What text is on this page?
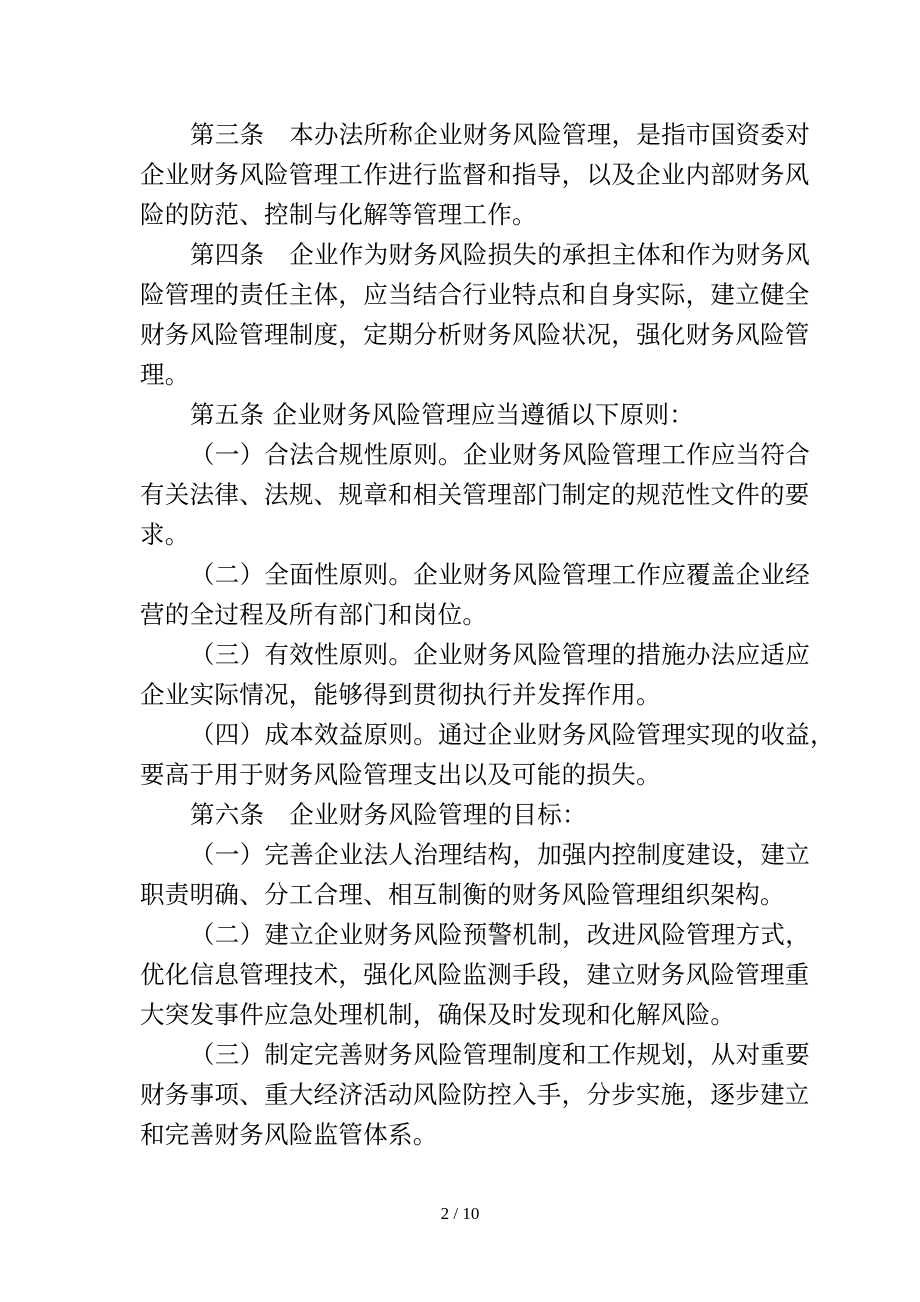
第三条　本办法所称企业财务风险管理，是指市国资委对
企业财务风险管理工作进行监督和指导，以及企业内部财务风
险的防范、控制与化解等管理工作。

第四条　企业作为财务风险损失的承担主体和作为财务风
险管理的责任主体，应当结合行业特点和自身实际，建立健全
财务风险管理制度，定期分析财务风险状况，强化财务风险管
理。

第五条 企业财务风险管理应当遵循以下原则：

（一）合法合规性原则。企业财务风险管理工作应当符合
有关法律、法规、规章和相关管理部门制定的规范性文件的要
求。

（二）全面性原则。企业财务风险管理工作应覆盖企业经
营的全过程及所有部门和岗位。

（三）有效性原则。企业财务风险管理的措施办法应适应
企业实际情况，能够得到贯彻执行并发挥作用。

（四）成本效益原则。通过企业财务风险管理实现的收益，
要高于用于财务风险管理支出以及可能的损失。

第六条　企业财务风险管理的目标：

（一）完善企业法人治理结构，加强内控制度建设，建立
职责明确、分工合理、相互制衡的财务风险管理组织架构。

（二）建立企业财务风险预警机制，改进风险管理方式，
优化信息管理技术，强化风险监测手段，建立财务风险管理重
大突发事件应急处理机制，确保及时发现和化解风险。

（三）制定完善财务风险管理制度和工作规划，从对重要
财务事项、重大经济活动风险防控入手，分步实施，逐步建立
和完善财务风险监管体系。

2 / 10
